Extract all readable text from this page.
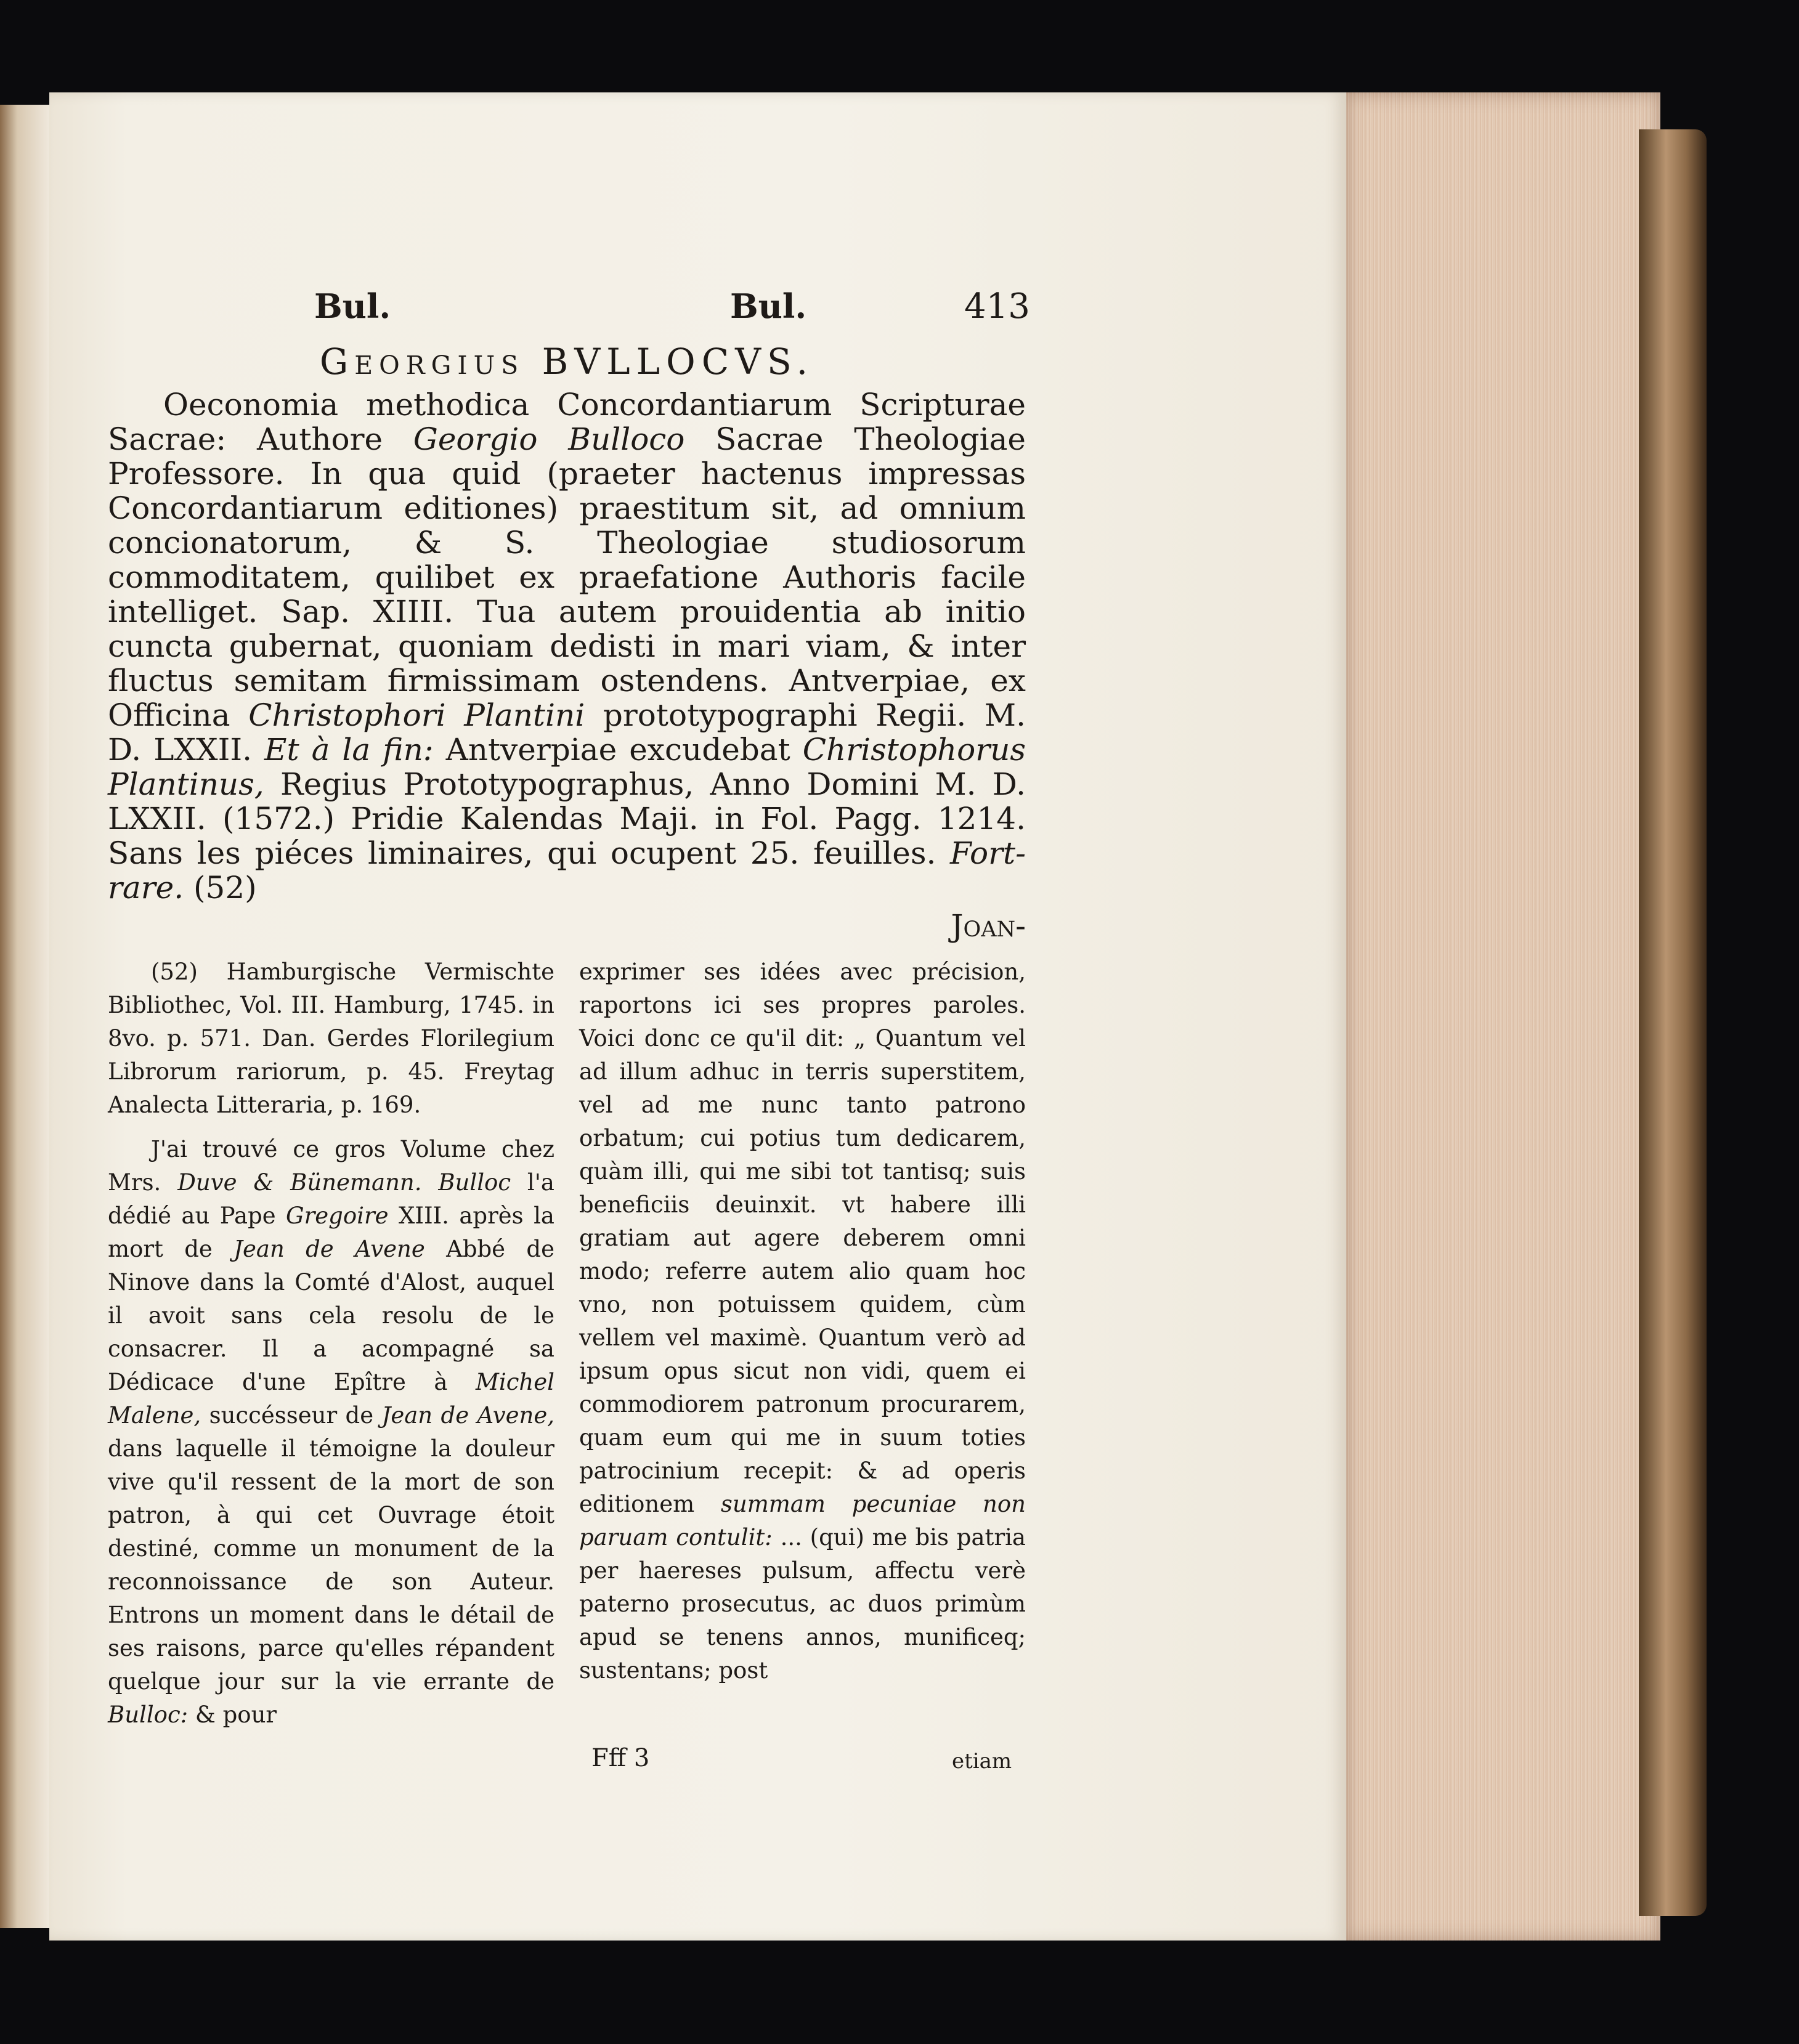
Bul.	Bul.	413
Georgius BVLLOCVS.
Oeconomia methodica Concordantiarum Scripturae Sacrae: Authore Georgio Bulloco Sacrae Theologiae Professore. In qua quid (praeter hactenus impressas Concordantiarum editiones) praestitum sit, ad omnium concionatorum, & S. Theologiae studiosorum commoditatem, quilibet ex praefatione Authoris facile intelliget. Sap. XIIII. Tua autem prouidentia ab initio cuncta gubernat, quoniam dedisti in mari viam, & inter fluctus semitam firmissimam ostendens. Antverpiae, ex Officina Christophori Plantini prototypographi Regii. M. D. LXXII. Et à la fin: Antverpiae excudebat Christophorus Plantinus, Regius Prototypographus, Anno Domini M. D. LXXII. (1572.) Pridie Kalendas Maji. in Fol. Pagg. 1214. Sans les piéces liminaires, qui ocupent 25. feuilles. Fort-rare. (52)
Joan-

(52) Hamburgische Vermischte Bibliothec, Vol. III. Hamburg, 1745. in 8vo. p. 571. Dan. Gerdes Florilegium Librorum rariorum, p. 45. Freytag Analecta Litteraria, p. 169.

J'ai trouvé ce gros Volume chez Mrs. Duve & Bünemann. Bulloc l'a dédié au Pape Gregoire XIII. après la mort de Jean de Avene Abbé de Ninove dans la Comté d'Alost, auquel il avoit sans cela resolu de le consacrer. Il a acompagné sa Dédicace d'une Epître à Michel Malene, succésseur de Jean de Avene, dans laquelle il témoigne la douleur vive qu'il ressent de la mort de son patron, à qui cet Ouvrage étoit destiné, comme un monument de la reconnoissance de son Auteur. Entrons un moment dans le détail de ses raisons, parce qu'elles répandent quelque jour sur la vie errante de Bulloc: & pour

exprimer ses idées avec précision, raportons ici ses propres paroles. Voici donc ce qu'il dit: „ Quantum vel ad illum adhuc in terris superstitem, vel ad me nunc tanto patrono orbatum; cui potius tum dedicarem, quàm illi, qui me sibi tot tantisq; suis beneficiis deuinxit. vt habere illi gratiam aut agere deberem omni modo; referre autem alio quam hoc vno, non potuissem quidem, cùm vellem vel maximè. Quantum verò ad ipsum opus sicut non vidi, quem ei commodiorem patronum procurarem, quam eum qui me in suum toties patrocinium recepit: & ad operis editionem summam pecuniae non paruam contulit: ... (qui) me bis patria per haereses pulsum, affectu verè paterno prosecutus, ac duos primùm apud se tenens annos, munificeq; sustentans; post

Fff 3	etiam
